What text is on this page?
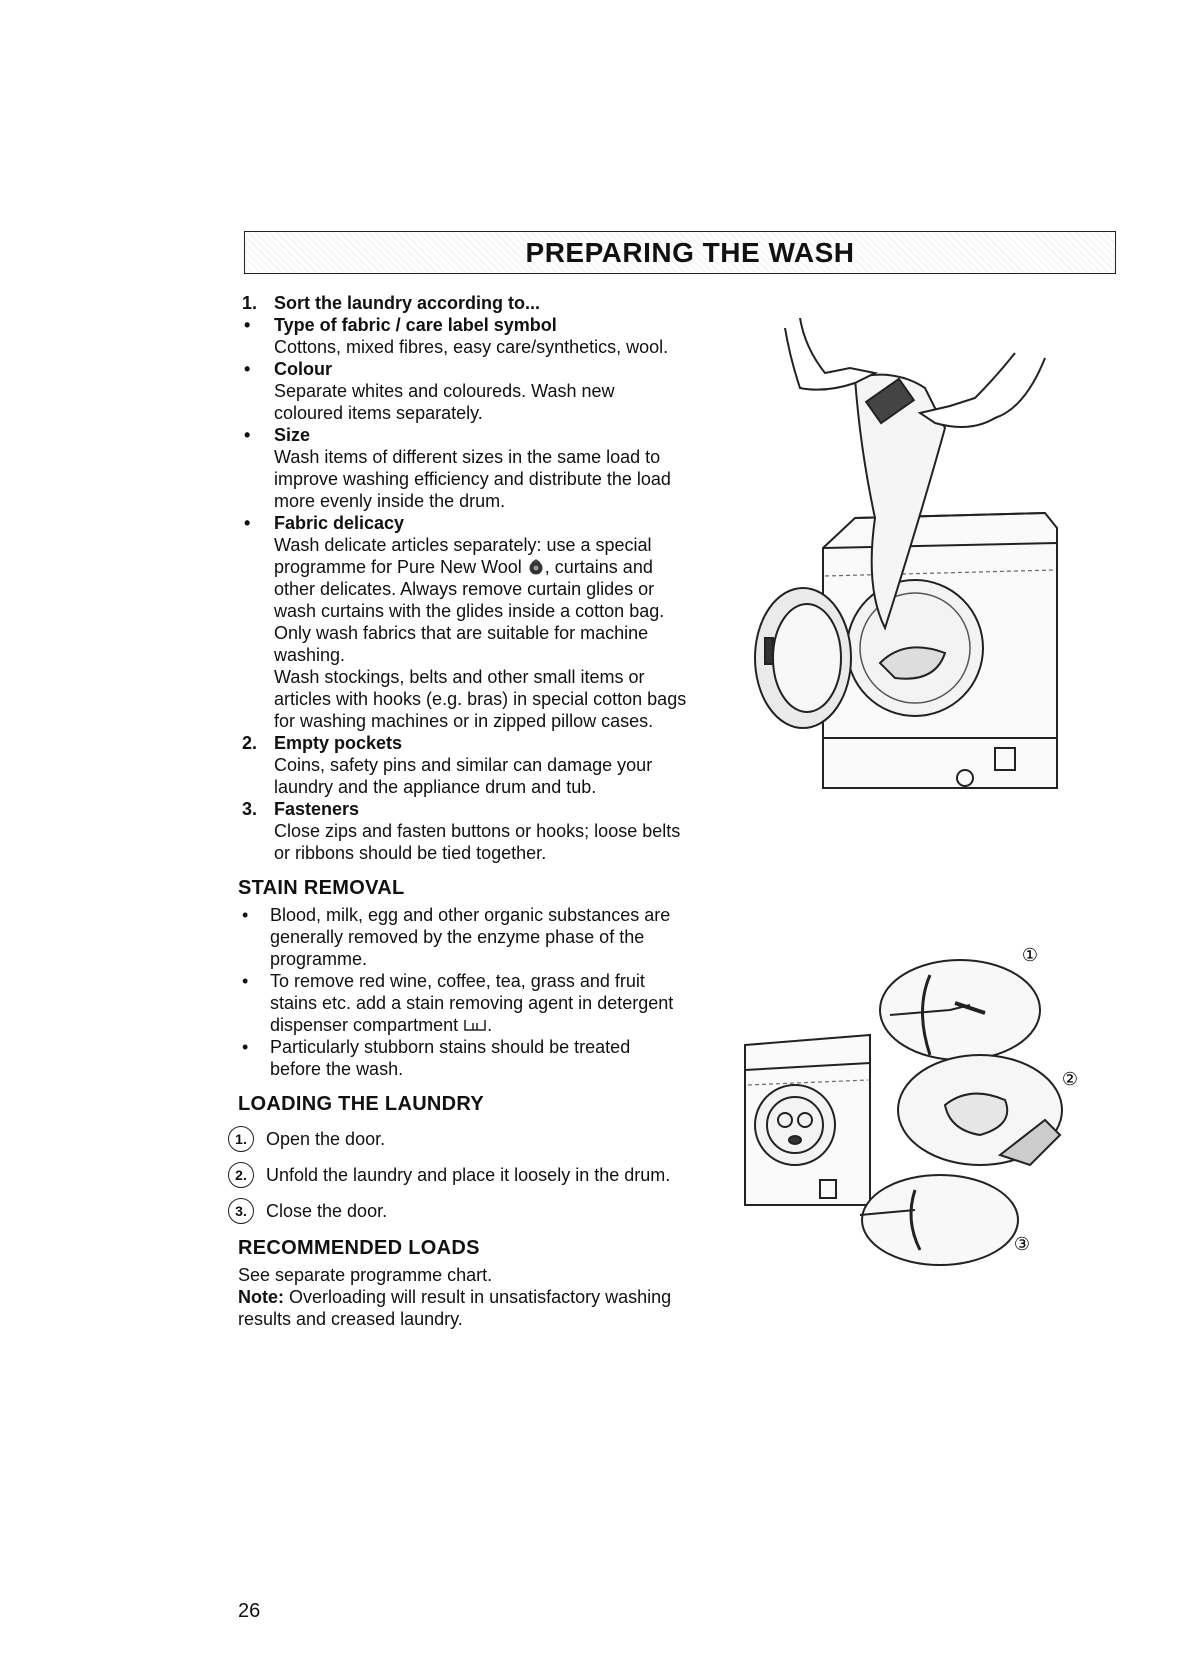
PREPARING THE WASH

1. Sort the laundry according to...

• Type of fabric / care label symbol

Cottons, mixed fibres, easy care/synthetics, wool.

• Colour

Separate whites and coloureds. Wash new

coloured items separately.

• Size

Wash items of different sizes in the same load to

improve washing efficiency and distribute the load

more evenly inside the drum.

• Fabric delicacy

Wash delicate articles separately: use a special

programme for Pure New Wool , curtains and

other delicates. Always remove curtain glides or

wash curtains with the glides inside a cotton bag.

Only wash fabrics that are suitable for machine

washing.

Wash stockings, belts and other small items or

articles with hooks (e.g. bras) in special cotton bags

for washing machines or in zipped pillow cases.

2. Empty pockets

Coins, safety pins and similar can damage your

laundry and the appliance drum and tub.

3. Fasteners

Close zips and fasten buttons or hooks; loose belts

or ribbons should be tied together.

STAIN REMOVAL
• Blood, milk, egg and other organic substances are

generally removed by the enzyme phase of the

programme.

• To remove red wine, coffee, tea, grass and fruit

stains etc. add a stain removing agent in detergent

dispenser compartment .

• Particularly stubborn stains should be treated

before the wash.

LOADING THE LAUNDRY

1.	Open the door.

2.	Unfold the laundry and place it loosely in the drum.

3.	Close the door.

RECOMMENDED LOADS

See separate programme chart.

Note: Overloading will result in unsatisfactory washing

results and creased laundry.

①
②
③
26
